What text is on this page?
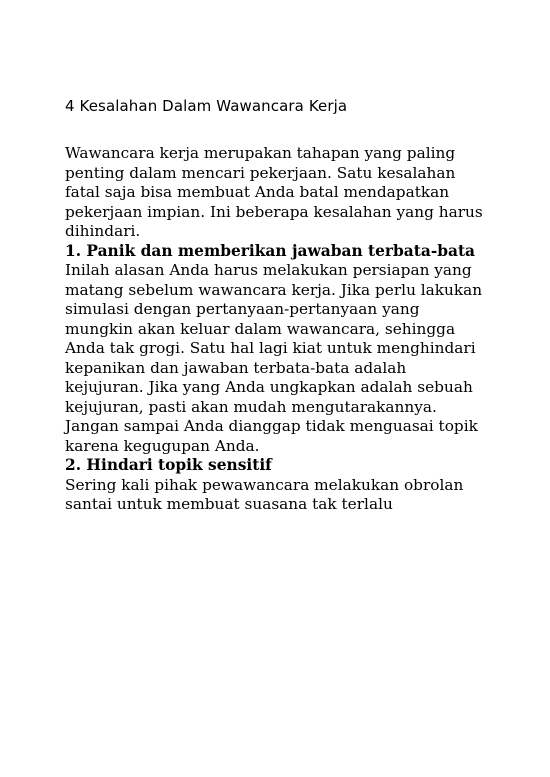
4 Kesalahan Dalam Wawancara Kerja

Wawancara kerja merupakan tahapan yang paling penting dalam mencari pekerjaan. Satu kesalahan fatal saja bisa membuat Anda batal mendapatkan pekerjaan impian. Ini beberapa kesalahan yang harus dihindari.

1. Panik dan memberikan jawaban terbata-bata

Inilah alasan Anda harus melakukan persiapan yang matang sebelum wawancara kerja. Jika perlu lakukan simulasi dengan pertanyaan-pertanyaan yang mungkin akan keluar dalam wawancara, sehingga Anda tak grogi. Satu hal lagi kiat untuk menghindari kepanikan dan jawaban terbata-bata adalah kejujuran. Jika yang Anda ungkapkan adalah sebuah kejujuran, pasti akan mudah mengutarakannya. Jangan sampai Anda dianggap tidak menguasai topik karena kegugupan Anda.

2. Hindari topik sensitif

Sering kali pihak pewawancara melakukan obrolan santai untuk membuat suasana tak terlalu
